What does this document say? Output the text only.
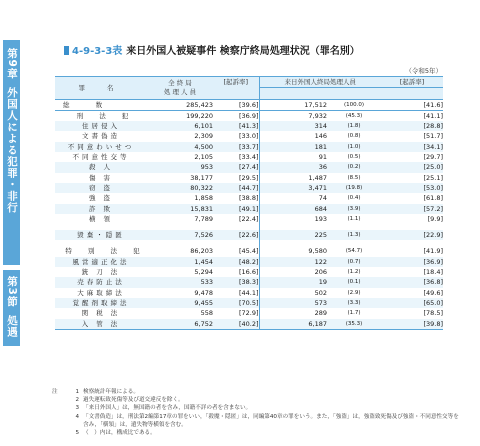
第9章
外国人による犯罪・非行
第3節
処遇
4-9-3-3表 来日外国人被疑事件 検察庁終局処理状況（罪名別）
（令和5年）
罪 名	全 終 局
処 理 人 員	[起訴率]	来日外国人終局処理人員		[起訴率]

総 数	285,423	[39.6]	17,512	(100.0)	[41.6]
刑 法 犯	199,220	[36.9]	7,932	(45.3)	[41.1]
住居侵入	6,101	[41.3]	314	(1.8)	[28.8]
文書偽造	2,309	[33.0]	146	(0.8)	[51.7]
不同意わいせつ	4,500	[33.7]	181	(1.0)	[34.1]
不同意性交等	2,105	[33.4]	91	(0.5)	[29.7]
殺 人	953	[27.4]	36	(0.2)	[25.0]
傷 害	38,177	[29.5]	1,487	(8.5)	[25.1]
窃 盗	80,322	[44.7]	3,471	(19.8)	[53.0]
強 盗	1,858	[38.8]	74	(0.4)	[61.8]
詐 欺	15,831	[49.1]	684	(3.9)	[57.2]
横 領	7,789	[22.4]	193	(1.1)	[9.9]

毀棄・隠匿	7,526	[22.6]	225	(1.3)	[22.9]

特 別 法 犯	86,203	[45.4]	9,580	(54.7)	[41.9]
風営適正化法	1,454	[48.2]	122	(0.7)	[36.9]
銃 刀 法	5,294	[16.6]	206	(1.2)	[18.4]
売春防止法	533	[38.3]	19	(0.1)	[36.8]
大麻取締法	9,478	[44.1]	502	(2.9)	[49.6]
覚醒剤取締法	9,455	[70.5]	573	(3.3)	[65.0]
関 税 法	558	[72.9]	289	(1.7)	[78.5]
入 管 法	6,752	[40.2]	6,187	(35.3)	[39.8]
注	1 検察統計年報による。
2 過失運転致死傷等及び道交違反を除く。
3 「来日外国人」は，無国籍の者を含み，国籍不詳の者を含まない。
4 「文書偽造」は，刑法第2編第17章の罪をいい，「殺魔・隠匿」は，同編第40章の罪をいう。また，「強盗」は，強盗致死傷及び強盗・不同意性交等を含み，「横領」は，遺失物等横領を含む。
5 （　）内は，構成比である。
